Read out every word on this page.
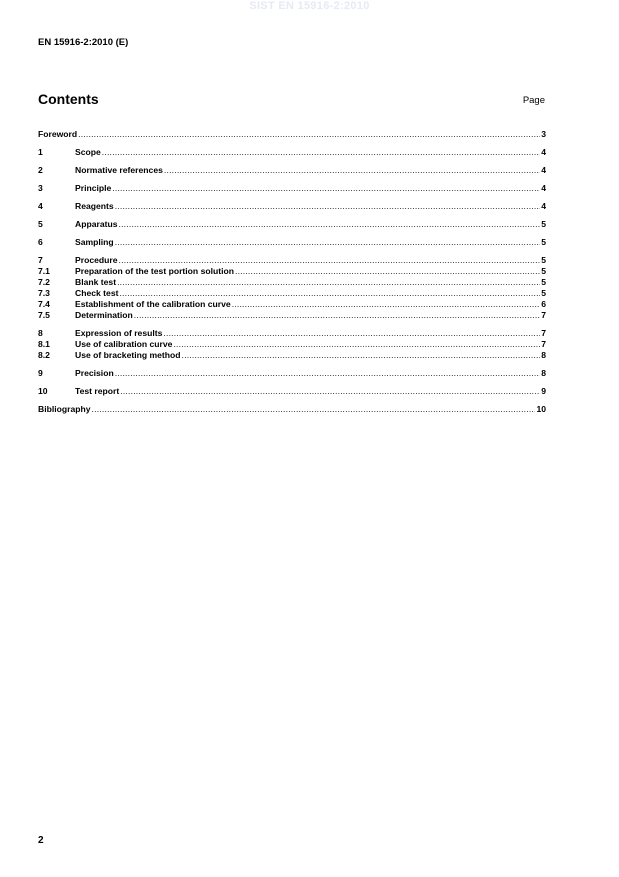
SIST EN 15916-2:2010
EN 15916-2:2010 (E)
Contents	Page
Foreword .....	3
1	Scope .....	4
2	Normative references .....	4
3	Principle .....	4
4	Reagents .....	4
5	Apparatus .....	5
6	Sampling .....	5
7	Procedure .....	5
7.1	Preparation of the test portion solution .....	5
7.2	Blank test .....	5
7.3	Check test .....	5
7.4	Establishment of the calibration curve .....	6
7.5	Determination .....	7
8	Expression of results .....	7
8.1	Use of calibration curve .....	7
8.2	Use of bracketing method .....	8
9	Precision .....	8
10	Test report .....	9
Bibliography .....	10
2
